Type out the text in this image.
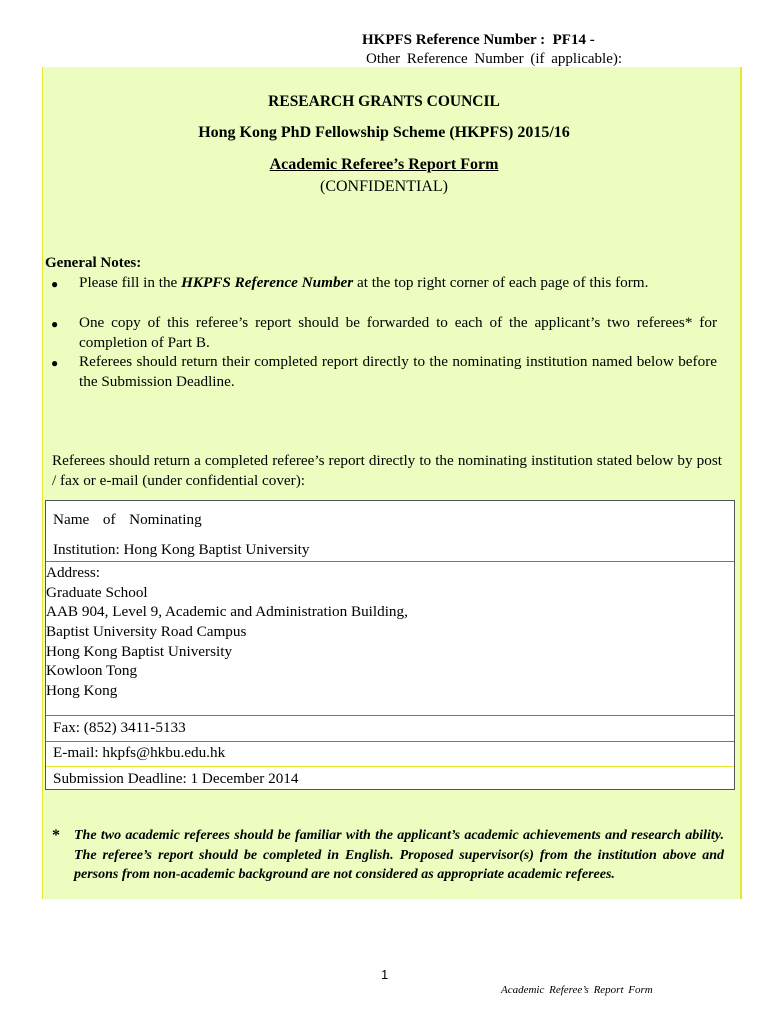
HKPFS Reference Number :  PF14 -
Other Reference Number (if applicable):
RESEARCH GRANTS COUNCIL
Hong Kong PhD Fellowship Scheme (HKPFS) 2015/16
Academic Referee’s Report Form
(CONFIDENTIAL)
General Notes:
● Please fill in the HKPFS Reference Number at the top right corner of each page of this form.
● One copy of this referee’s report should be forwarded to each of the applicant’s two referees* for completion of Part B.
● Referees should return their completed report directly to the nominating institution named below before the Submission Deadline.
Referees should return a completed referee’s report directly to the nominating institution stated below by post / fax or e-mail (under confidential cover):
Name  of  Nominating
Institution: Hong Kong Baptist University
Address:
Graduate School
AAB 904, Level 9, Academic and Administration Building,
Baptist University Road Campus
Hong Kong Baptist University
Kowloon Tong
Hong Kong
Fax: (852) 3411-5133
E-mail: hkpfs@hkbu.edu.hk
Submission Deadline: 1 December 2014
* The two academic referees should be familiar with the applicant’s academic achievements and research ability. The referee’s report should be completed in English. Proposed supervisor(s) from the institution above and persons from non-academic background are not considered as appropriate academic referees.
1
Academic Referee’s Report Form
